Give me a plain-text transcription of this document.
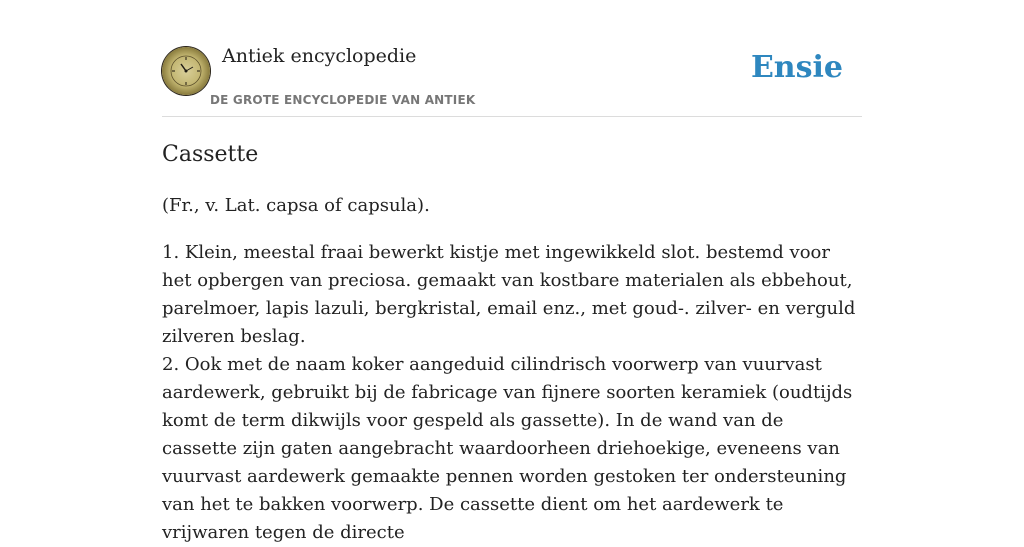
Antiek encyclopedie
DE GROTE ENCYCLOPEDIE VAN ANTIEK
Ensie
Cassette

(Fr., v. Lat. capsa of capsula).

1. Klein, meestal fraai bewerkt kistje met ingewikkeld slot. bestemd voor het opbergen van preciosa. gemaakt van kostbare materialen als ebbehout, parelmoer, lapis lazuli, bergkristal, email enz., met goud-. zilver- en verguld zilveren beslag.

2. Ook met de naam koker aangeduid cilindrisch voorwerp van vuurvast aardewerk, gebruikt bij de fabricage van fijnere soorten keramiek (oudtijds komt de term dikwijls voor gespeld als gassette). In de wand van de cassette zijn gaten aangebracht waardoorheen driehoekige, eveneens van vuurvast aardewerk gemaakte pennen worden gestoken ter ondersteuning van het te bakken voorwerp. De cassette dient om het aardewerk te vrijwaren tegen de directe
